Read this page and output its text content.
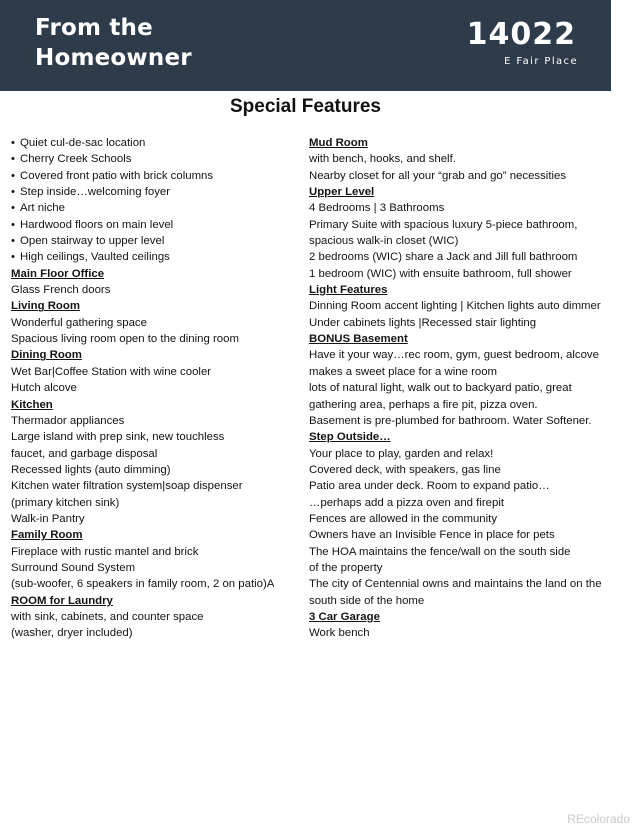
From the
Homeowner
14022
E Fair Place
Special Features
• Quiet cul-de-sac location
• Cherry Creek Schools
• Covered front patio with brick columns
• Step inside…welcoming foyer
• Art niche
• Hardwood floors on main level
• Open stairway to upper level
• High ceilings, Vaulted ceilings
Main Floor Office
Glass French doors
Living Room
Wonderful gathering space
Spacious living room open to the dining room
Dining Room
Wet Bar|Coffee Station with wine cooler
Hutch alcove
Kitchen
Thermador appliances
Large island with prep sink, new touchless
faucet, and garbage disposal
Recessed lights (auto dimming)
Kitchen water filtration system|soap dispenser
(primary kitchen sink)
Walk-in Pantry
Family Room
Fireplace with rustic mantel and brick
Surround Sound System
(sub-woofer, 6 speakers in family room, 2 on patio)A
ROOM for Laundry
with sink, cabinets, and counter space
(washer, dryer included)
Mud Room
with bench, hooks, and shelf.
Nearby closet for all your “grab and go” necessities
Upper Level
4 Bedrooms | 3 Bathrooms
Primary Suite with spacious luxury 5-piece bathroom,
spacious walk-in closet (WIC)
2 bedrooms (WIC) share a Jack and Jill full bathroom
1 bedroom (WIC) with ensuite bathroom, full shower
Light Features
Dinning Room accent lighting | Kitchen lights auto dimmer
Under cabinets lights |Recessed stair lighting
BONUS Basement
Have it your way…rec room, gym, guest bedroom, alcove
makes a sweet place for a wine room
lots of natural light, walk out to backyard patio, great
gathering area, perhaps a fire pit, pizza oven.
Basement is pre-plumbed for bathroom. Water Softener.
Step Outside…
Your place to play, garden and relax!
Covered deck, with speakers, gas line
Patio area under deck. Room to expand patio…
…perhaps add a pizza oven and firepit
Fences are allowed in the community
Owners have an Invisible Fence in place for pets
The HOA maintains the fence/wall on the south side
of the property
The city of Centennial owns and maintains the land on the
south side of the home
3 Car Garage
Work bench
REcolorado
